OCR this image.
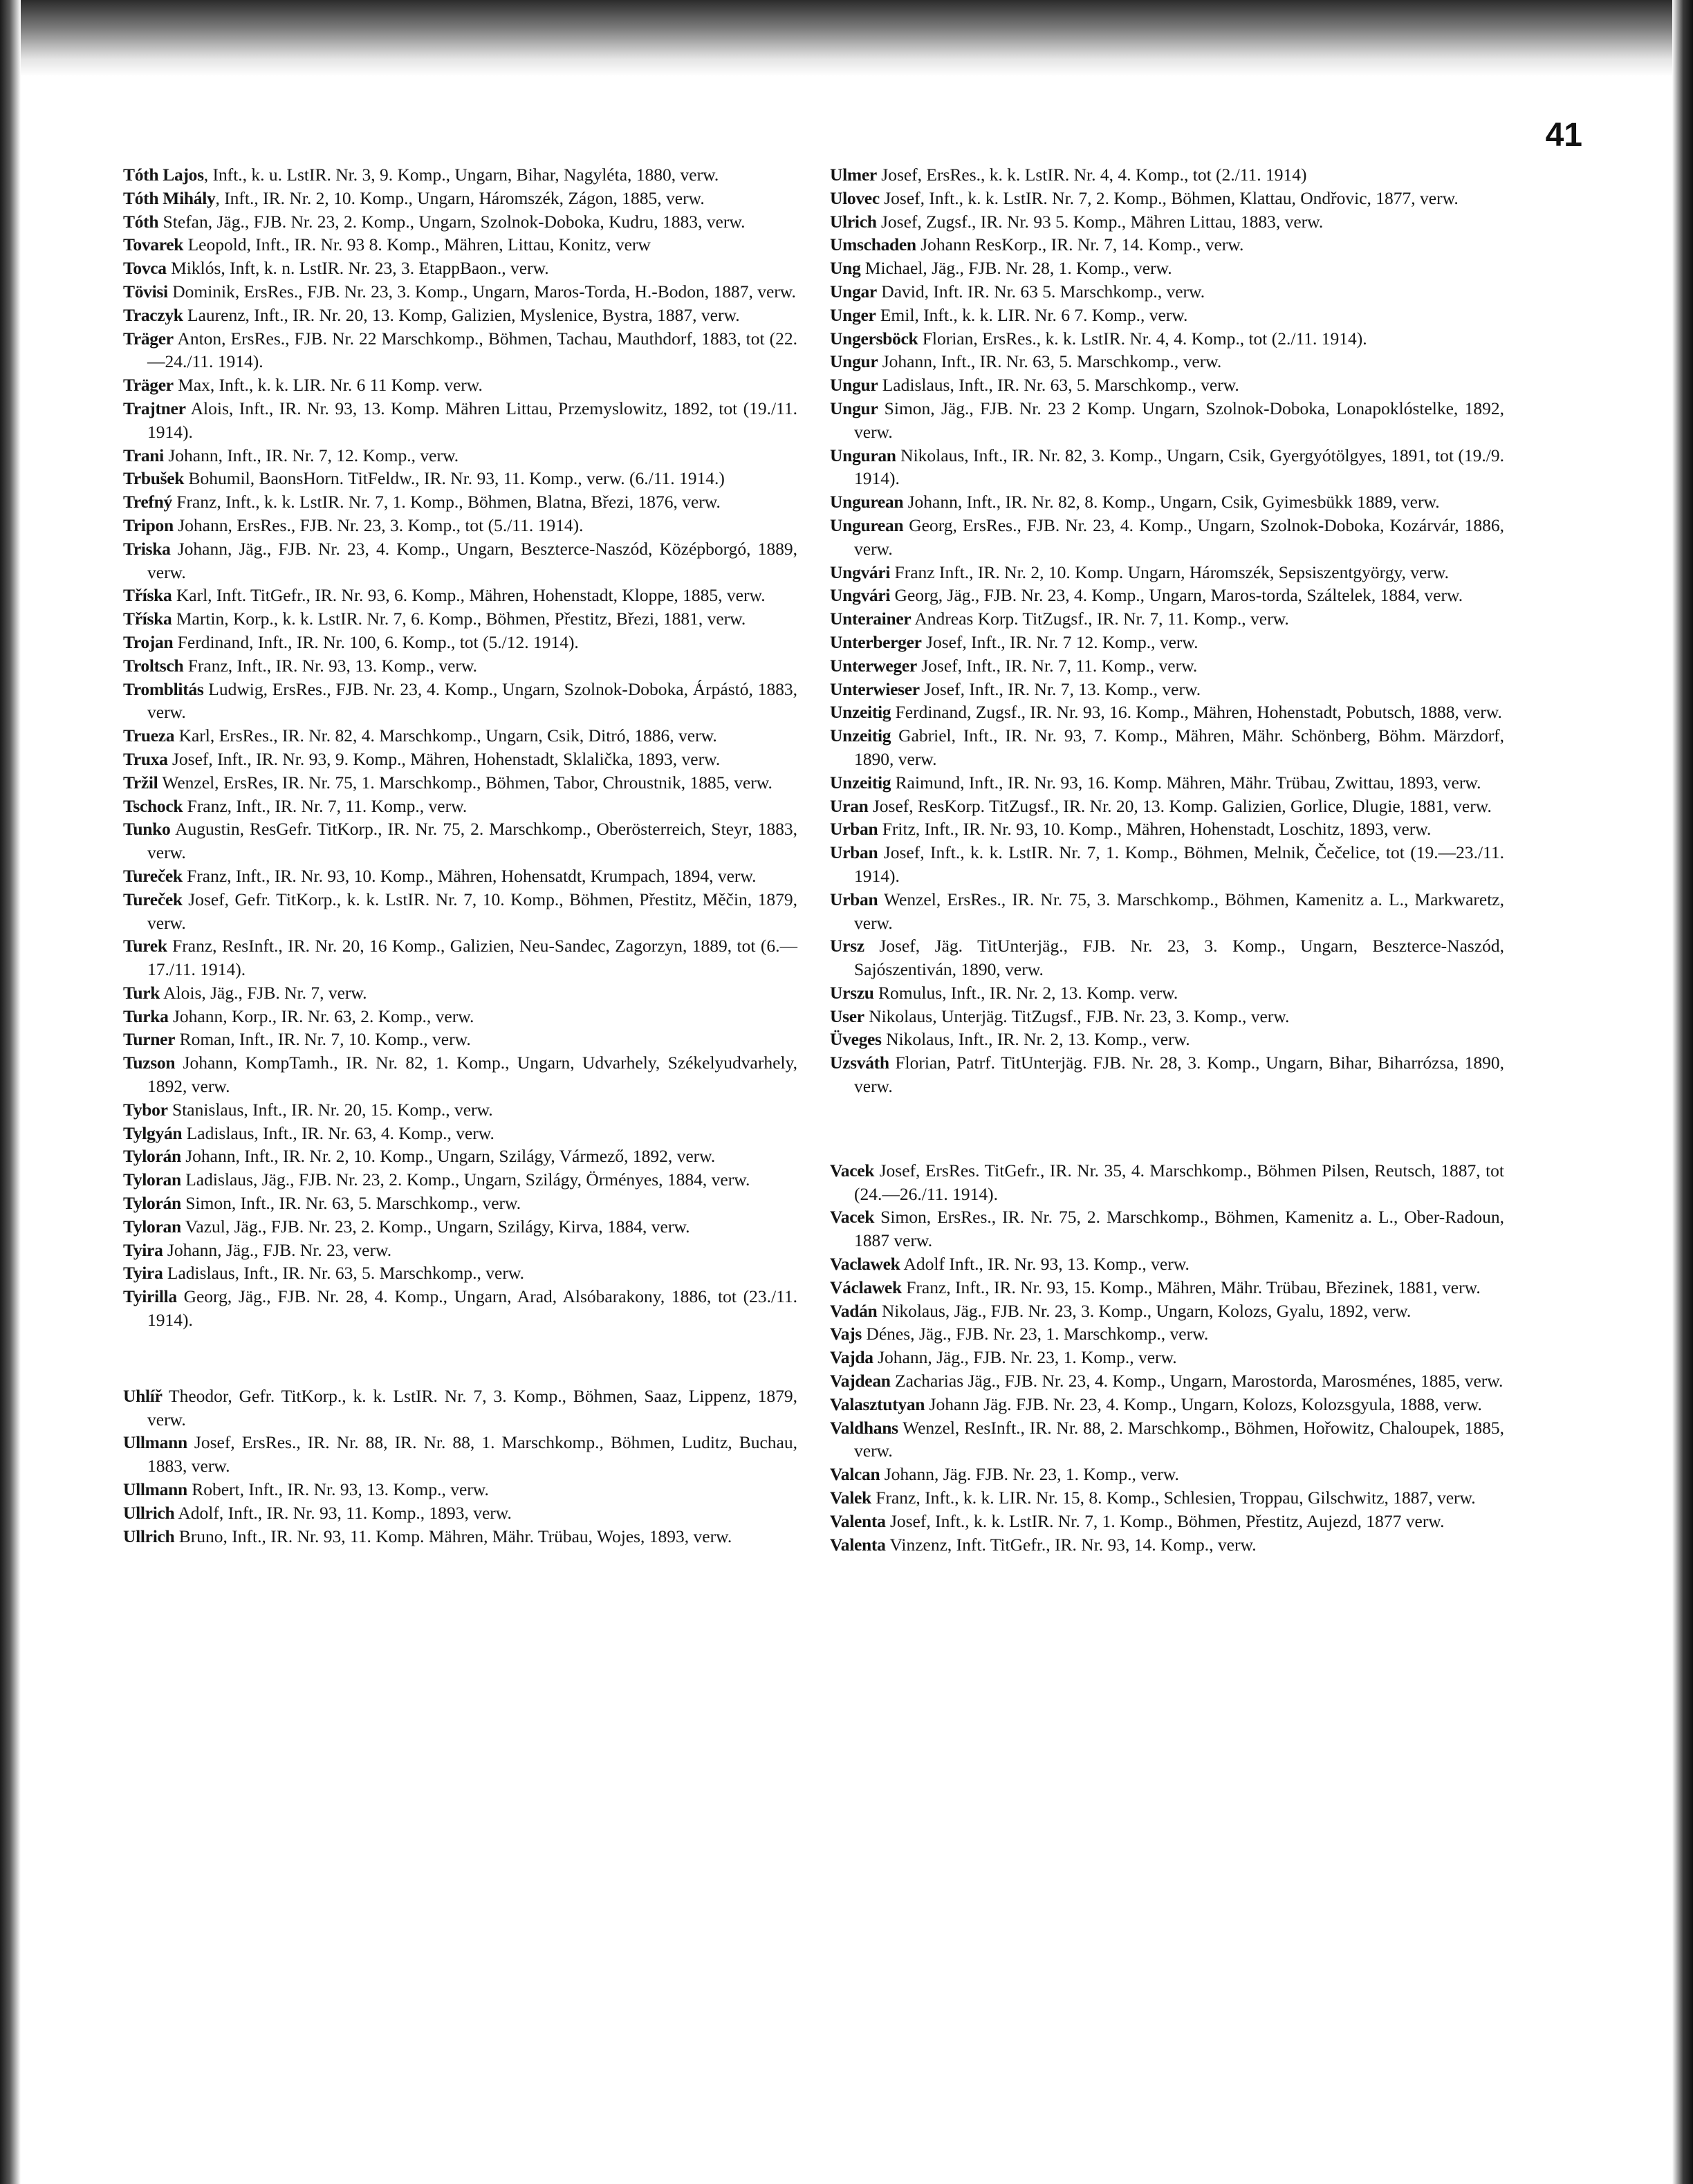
41

Tóth Lajos, Inft., k. u. LstIR. Nr. 3, 9. Komp., Ungarn, Bihar, Nagyléta, 1880, verw.

Tóth Mihály, Inft., IR. Nr. 2, 10. Komp., Ungarn, Háromszék, Zágon, 1885, verw.

Tóth Stefan, Jäg., FJB. Nr. 23, 2. Komp., Ungarn, Szolnok-Doboka, Kudru, 1883, verw.

Tovarek Leopold, Inft., IR. Nr. 93 8. Komp., Mähren, Littau, Konitz, verw

Tovca Miklós, Inft, k. n. LstIR. Nr. 23, 3. EtappBaon., verw.

Tövisi Dominik, ErsRes., FJB. Nr. 23, 3. Komp., Ungarn, Maros-Torda, H.-Bodon, 1887, verw.

Traczyk Laurenz, Inft., IR. Nr. 20, 13. Komp, Galizien, Myslenice, Bystra, 1887, verw.

Träger Anton, ErsRes., FJB. Nr. 22 Marschkomp., Böhmen, Tachau, Mauthdorf, 1883, tot (22.—24./11. 1914).

Träger Max, Inft., k. k. LIR. Nr. 6 11 Komp. verw.

Trajtner Alois, Inft., IR. Nr. 93, 13. Komp. Mähren Littau, Przemyslowitz, 1892, tot (19./11. 1914).

Trani Johann, Inft., IR. Nr. 7, 12. Komp., verw.

Trbušek Bohumil, BaonsHorn. TitFeldw., IR. Nr. 93, 11. Komp., verw. (6./11. 1914.)

Trefný Franz, Inft., k. k. LstIR. Nr. 7, 1. Komp., Böhmen, Blatna, Březi, 1876, verw.

Tripon Johann, ErsRes., FJB. Nr. 23, 3. Komp., tot (5./11. 1914).

Triska Johann, Jäg., FJB. Nr. 23, 4. Komp., Ungarn, Beszterce-Naszód, Középborgó, 1889, verw.

Tříska Karl, Inft. TitGefr., IR. Nr. 93, 6. Komp., Mähren, Hohenstadt, Kloppe, 1885, verw.

Tříska Martin, Korp., k. k. LstIR. Nr. 7, 6. Komp., Böhmen, Přestitz, Březi, 1881, verw.

Trojan Ferdinand, Inft., IR. Nr. 100, 6. Komp., tot (5./12. 1914).

Troltsch Franz, Inft., IR. Nr. 93, 13. Komp., verw.

Tromblitás Ludwig, ErsRes., FJB. Nr. 23, 4. Komp., Ungarn, Szolnok-Doboka, Árpástó, 1883, verw.

Trueza Karl, ErsRes., IR. Nr. 82, 4. Marschkomp., Ungarn, Csik, Ditró, 1886, verw.

Truxa Josef, Inft., IR. Nr. 93, 9. Komp., Mähren, Hohenstadt, Sklaličkа, 1893, verw.

Tržil Wenzel, ErsRes, IR. Nr. 75, 1. Marschkomp., Böhmen, Tabor, Chroustnik, 1885, verw.

Tschock Franz, Inft., IR. Nr. 7, 11. Komp., verw.

Tunko Augustin, ResGefr. TitKorp., IR. Nr. 75, 2. Marschkomp., Oberösterreich, Steyr, 1883, verw.

Tureček Franz, Inft., IR. Nr. 93, 10. Komp., Mähren, Hohensatdt, Krumpach, 1894, verw.

Tureček Josef, Gefr. TitKorp., k. k. LstIR. Nr. 7, 10. Komp., Böhmen, Přestitz, Měčin, 1879, verw.

Turek Franz, ResInft., IR. Nr. 20, 16 Komp., Galizien, Neu-Sandec, Zagorzyn, 1889, tot (6.—17./11. 1914).

Turk Alois, Jäg., FJB. Nr. 7, verw.

Turka Johann, Korp., IR. Nr. 63, 2. Komp., verw.

Turner Roman, Inft., IR. Nr. 7, 10. Komp., verw.

Tuzson Johann, KompTamh., IR. Nr. 82, 1. Komp., Ungarn, Udvarhely, Székelyudvarhely, 1892, verw.

Tybor Stanislaus, Inft., IR. Nr. 20, 15. Komp., verw.

Tylgyán Ladislaus, Inft., IR. Nr. 63, 4. Komp., verw.

Tylorán Johann, Inft., IR. Nr. 2, 10. Komp., Ungarn, Szilágy, Vármező, 1892, verw.

Tyloran Ladislaus, Jäg., FJB. Nr. 23, 2. Komp., Ungarn, Szilágy, Örményes, 1884, verw.

Tylorán Simon, Inft., IR. Nr. 63, 5. Marschkomp., verw.

Tyloran Vazul, Jäg., FJB. Nr. 23, 2. Komp., Ungarn, Szilágy, Kirva, 1884, verw.

Tyira Johann, Jäg., FJB. Nr. 23, verw.

Tyira Ladislaus, Inft., IR. Nr. 63, 5. Marschkomp., verw.

Tyirilla Georg, Jäg., FJB. Nr. 28, 4. Komp., Ungarn, Arad, Alsóbarakony, 1886, tot (23./11. 1914).

Uhlíř Theodor, Gefr. TitKorp., k. k. LstIR. Nr. 7, 3. Komp., Böhmen, Saaz, Lippenz, 1879, verw.

Ullmann Josef, ErsRes., IR. Nr. 88, IR. Nr. 88, 1. Marschkomp., Böhmen, Luditz, Buchau, 1883, verw.

Ullmann Robert, Inft., IR. Nr. 93, 13. Komp., verw.

Ullrich Adolf, Inft., IR. Nr. 93, 11. Komp., 1893, verw.

Ullrich Bruno, Inft., IR. Nr. 93, 11. Komp. Mähren, Mähr. Trübau, Wojes, 1893, verw.

Ulmer Josef, ErsRes., k. k. LstIR. Nr. 4, 4. Komp., tot (2./11. 1914)

Ulovec Josef, Inft., k. k. LstIR. Nr. 7, 2. Komp., Böhmen, Klattau, Ondřovic, 1877, verw.

Ulrich Josef, Zugsf., IR. Nr. 93 5. Komp., Mähren Littau, 1883, verw.

Umschaden Johann ResKorp., IR. Nr. 7, 14. Komp., verw.

Ung Michael, Jäg., FJB. Nr. 28, 1. Komp., verw.

Ungar David, Inft. IR. Nr. 63 5. Marschkomp., verw.

Unger Emil, Inft., k. k. LIR. Nr. 6 7. Komp., verw.

Ungersböck Florian, ErsRes., k. k. LstIR. Nr. 4, 4. Komp., tot (2./11. 1914).

Ungur Johann, Inft., IR. Nr. 63, 5. Marschkomp., verw.

Ungur Ladislaus, Inft., IR. Nr. 63, 5. Marschkomp., verw.

Ungur Simon, Jäg., FJB. Nr. 23 2 Komp. Ungarn, Szolnok-Doboka, Lonapoklóstelke, 1892, verw.

Unguran Nikolaus, Inft., IR. Nr. 82, 3. Komp., Ungarn, Csik, Gyergyótölgyes, 1891, tot (19./9. 1914).

Ungurean Johann, Inft., IR. Nr. 82, 8. Komp., Ungarn, Csik, Gyimesbükk 1889, verw.

Ungurean Georg, ErsRes., FJB. Nr. 23, 4. Komp., Ungarn, Szolnok-Doboka, Kozárvár, 1886, verw.

Ungvári Franz Inft., IR. Nr. 2, 10. Komp. Ungarn, Háromszék, Sepsiszentgyörgy, verw.

Ungvári Georg, Jäg., FJB. Nr. 23, 4. Komp., Ungarn, Maros-torda, Száltelek, 1884, verw.

Unterainer Andreas Korp. TitZugsf., IR. Nr. 7, 11. Komp., verw.

Unterberger Josef, Inft., IR. Nr. 7 12. Komp., verw.

Unterweger Josef, Inft., IR. Nr. 7, 11. Komp., verw.

Unterwieser Josef, Inft., IR. Nr. 7, 13. Komp., verw.

Unzeitig Ferdinand, Zugsf., IR. Nr. 93, 16. Komp., Mähren, Hohenstadt, Pobutsch, 1888, verw.

Unzeitig Gabriel, Inft., IR. Nr. 93, 7. Komp., Mähren, Mähr. Schönberg, Böhm. Märzdorf, 1890, verw.

Unzeitig Raimund, Inft., IR. Nr. 93, 16. Komp. Mähren, Mähr. Trübau, Zwittau, 1893, verw.

Uran Josef, ResKorp. TitZugsf., IR. Nr. 20, 13. Komp. Galizien, Gorlice, Dlugie, 1881, verw.

Urban Fritz, Inft., IR. Nr. 93, 10. Komp., Mähren, Hohenstadt, Loschitz, 1893, verw.

Urban Josef, Inft., k. k. LstIR. Nr. 7, 1. Komp., Böhmen, Melnik, Čečelice, tot (19.—23./11. 1914).

Urban Wenzel, ErsRes., IR. Nr. 75, 3. Marschkomp., Böhmen, Kamenitz a. L., Markwaretz, verw.

Ursz Josef, Jäg. TitUnterjäg., FJB. Nr. 23, 3. Komp., Ungarn, Beszterce-Naszód, Sajószentiván, 1890, verw.

Urszu Romulus, Inft., IR. Nr. 2, 13. Komp. verw.

User Nikolaus, Unterjäg. TitZugsf., FJB. Nr. 23, 3. Komp., verw.

Üveges Nikolaus, Inft., IR. Nr. 2, 13. Komp., verw.

Uzsváth Florian, Patrf. TitUnterjäg. FJB. Nr. 28, 3. Komp., Ungarn, Bihar, Biharrózsa, 1890, verw.

Vacek Josef, ErsRes. TitGefr., IR. Nr. 35, 4. Marschkomp., Böhmen Pilsen, Reutsch, 1887, tot (24.—26./11. 1914).

Vacek Simon, ErsRes., IR. Nr. 75, 2. Marschkomp., Böhmen, Kamenitz a. L., Ober-Radoun, 1887 verw.

Vaclawek Adolf Inft., IR. Nr. 93, 13. Komp., verw.

Václawek Franz, Inft., IR. Nr. 93, 15. Komp., Mähren, Mähr. Trübau, Březinek, 1881, verw.

Vadán Nikolaus, Jäg., FJB. Nr. 23, 3. Komp., Ungarn, Kolozs, Gyalu, 1892, verw.

Vajs Dénes, Jäg., FJB. Nr. 23, 1. Marschkomp., verw.

Vajda Johann, Jäg., FJB. Nr. 23, 1. Komp., verw.

Vajdean Zacharias Jäg., FJB. Nr. 23, 4. Komp., Ungarn, Marostorda, Marosménes, 1885, verw.

Valasztutyan Johann Jäg. FJB. Nr. 23, 4. Komp., Ungarn, Kolozs, Kolozsgyula, 1888, verw.

Valdhans Wenzel, ResInft., IR. Nr. 88, 2. Marschkomp., Böhmen, Hořowitz, Chaloupek, 1885, verw.

Valcan Johann, Jäg. FJB. Nr. 23, 1. Komp., verw.

Valek Franz, Inft., k. k. LIR. Nr. 15, 8. Komp., Schlesien, Troppau, Gilschwitz, 1887, verw.

Valenta Josef, Inft., k. k. LstIR. Nr. 7, 1. Komp., Böhmen, Přestitz, Aujezd, 1877 verw.

Valenta Vinzenz, Inft. TitGefr., IR. Nr. 93, 14. Komp., verw.
